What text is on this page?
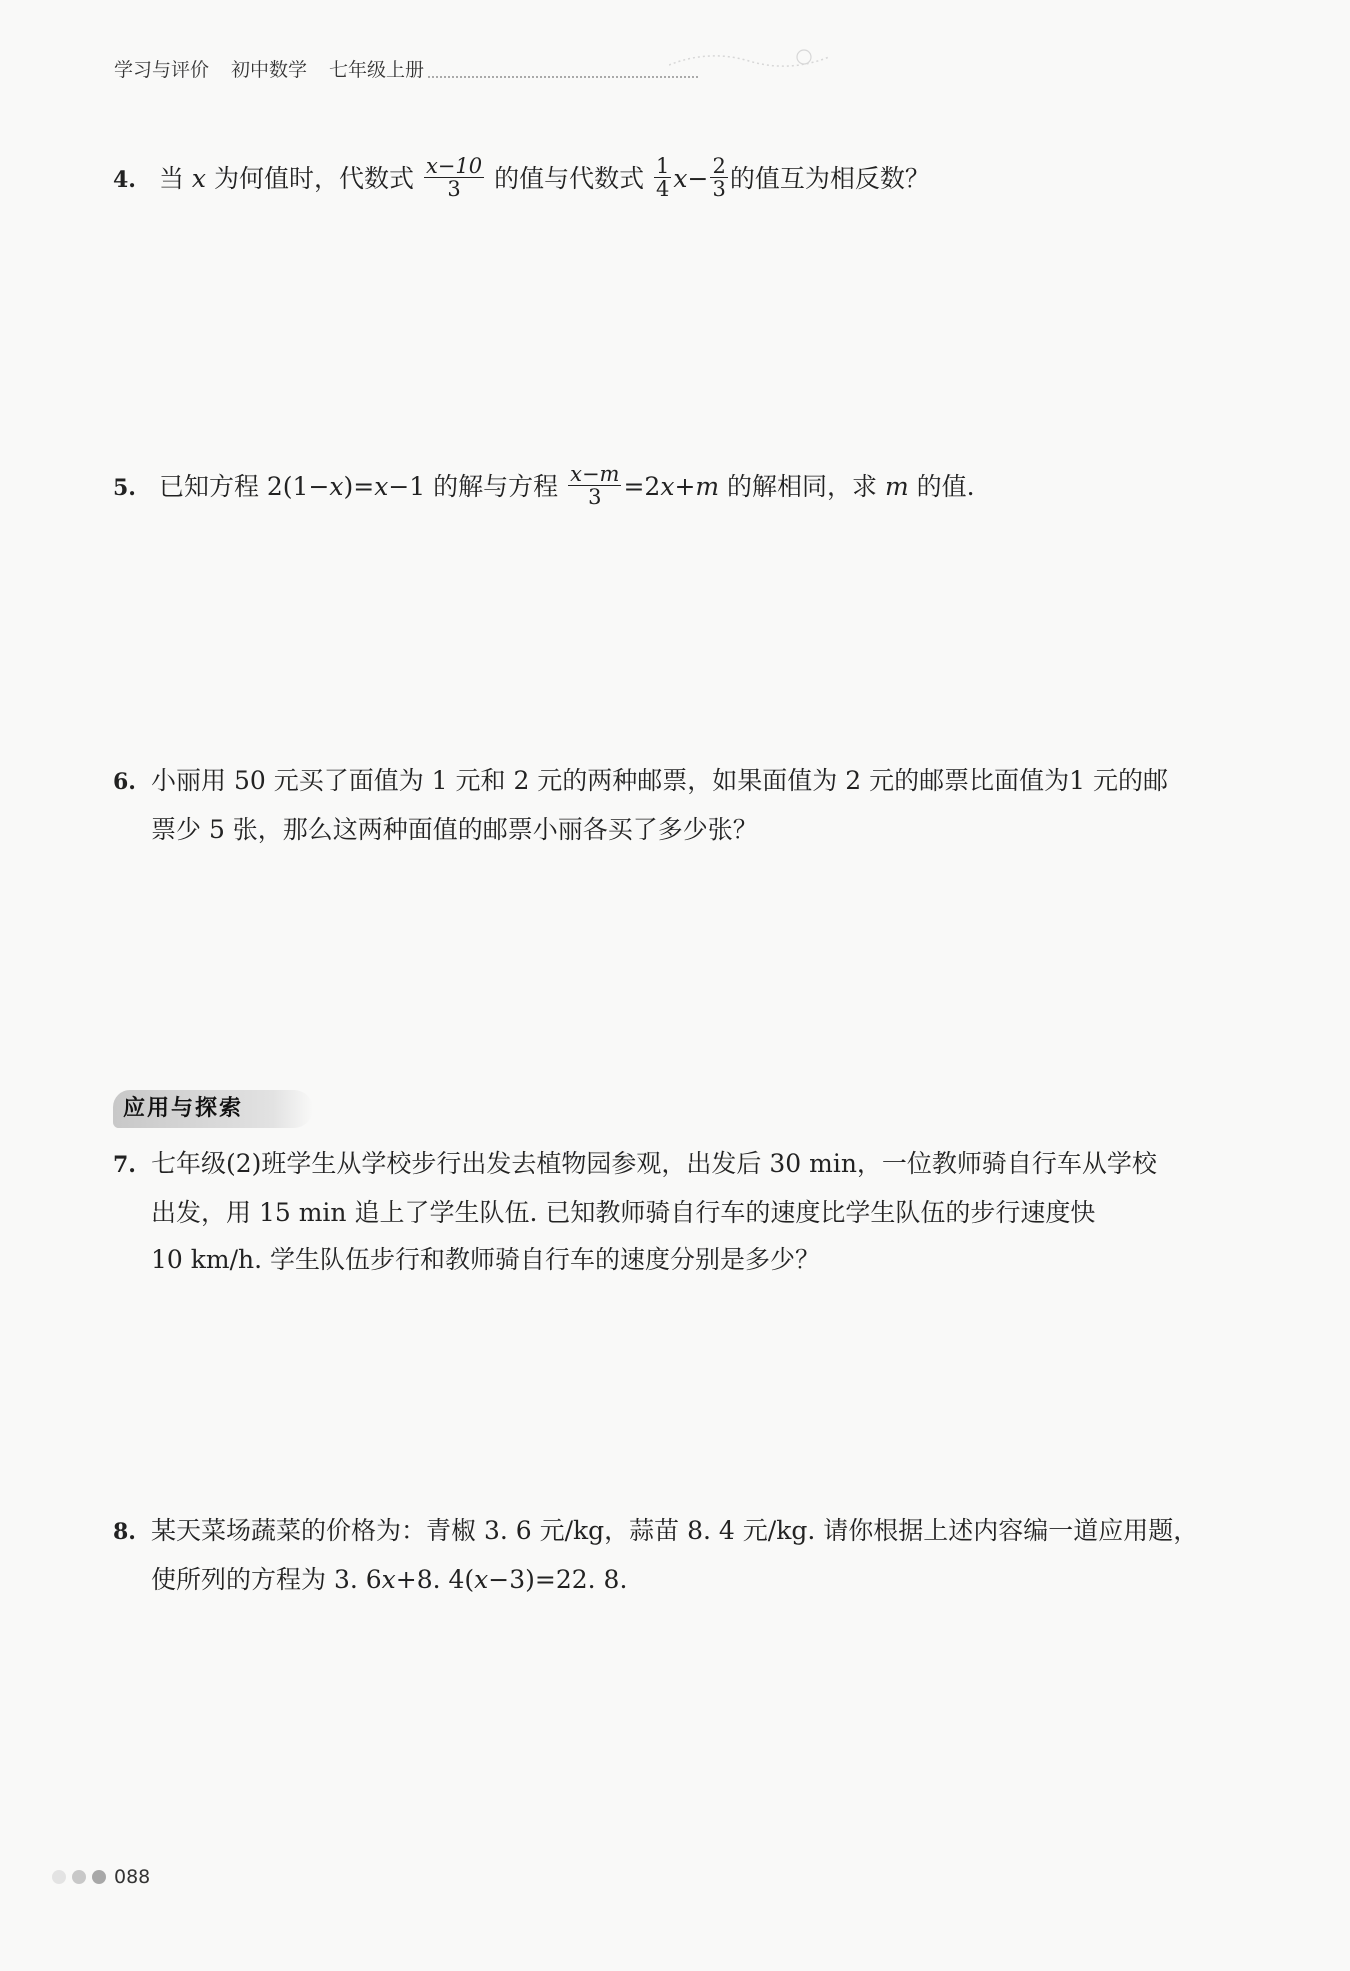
学习与评价 初中数学 七年级上册
4. 当 x 为何值时，代数式 $\frac{x-10}{3}$ 的值与代数式 $\frac{1}{4} x- \frac{2}{3}$ 的值互为相反数？
5. 已知方程 2(1−x)=x−1 的解与方程 $\frac{x-m}{3} =2x+m$ 的解相同，求 m 的值.
6. 小丽用 50 元买了面值为 1 元和 2 元的两种邮票，如果面值为 2 元的邮票比面值为1 元的邮
票少 5 张，那么这两种面值的邮票小丽各买了多少张？
应用与探索
7. 七年级(2)班学生从学校步行出发去植物园参观，出发后 30 min，一位教师骑自行车从学校
出发，用 15 min 追上了学生队伍. 已知教师骑自行车的速度比学生队伍的步行速度快
10 km/h. 学生队伍步行和教师骑自行车的速度分别是多少？
8. 某天菜场蔬菜的价格为：青椒 3. 6 元/kg，蒜苗 8. 4 元/kg. 请你根据上述内容编一道应用题，
使所列的方程为 3. 6x+8. 4(x−3)=22. 8.
088
